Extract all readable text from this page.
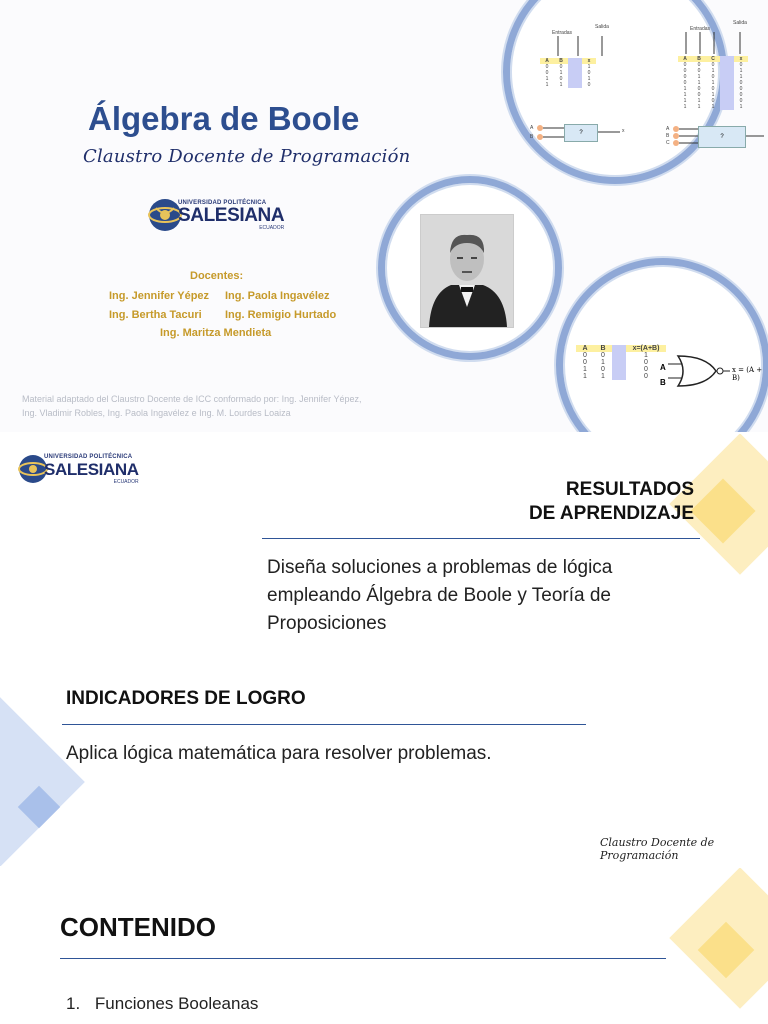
Álgebra de Boole
Claustro Docente de Programación
UNIVERSIDAD POLITÉCNICA
SALESIANA
ECUADOR
Docentes:
Ing. Jennifer Yépez Ing. Paola Ingavélez
Ing. Bertha Tacuri Ing. Remigio Hurtado
Ing. Maritza Mendieta
Material adaptado del Claustro Docente de ICC conformado por: Ing. Jennifer Yépez,
Ing. Vladimir Robles, Ing. Paola Ingavélez e Ing. M. Lourdes Loaiza
Entradas
Salida
A	B		x
0	0		1
0	1		0
1	0		1
1	1		0
A
B
?	x
Entradas
Salida
A	B	C		x
0	0	0		0
0	0	1		1
0	1	0		1
0	1	1		0
1	0	0		0
1	0	1		0
1	1	0		0
1	1	1		1
A
B
C
?
A	B		x=(A+B)
0	0		1
0	1		0
1	0		0
1	1		0
A
B
x = (A + B)
UNIVERSIDAD POLITÉCNICA
SALESIANA
ECUADOR	RESULTADOS
DE APRENDIZAJE
Diseña soluciones a problemas de lógica
empleando Álgebra de Boole y Teoría de
Proposiciones
INDICADORES DE LOGRO
Aplica lógica matemática para resolver problemas.
Claustro Docente de Programación
CONTENIDO
1. Funciones Booleanas
